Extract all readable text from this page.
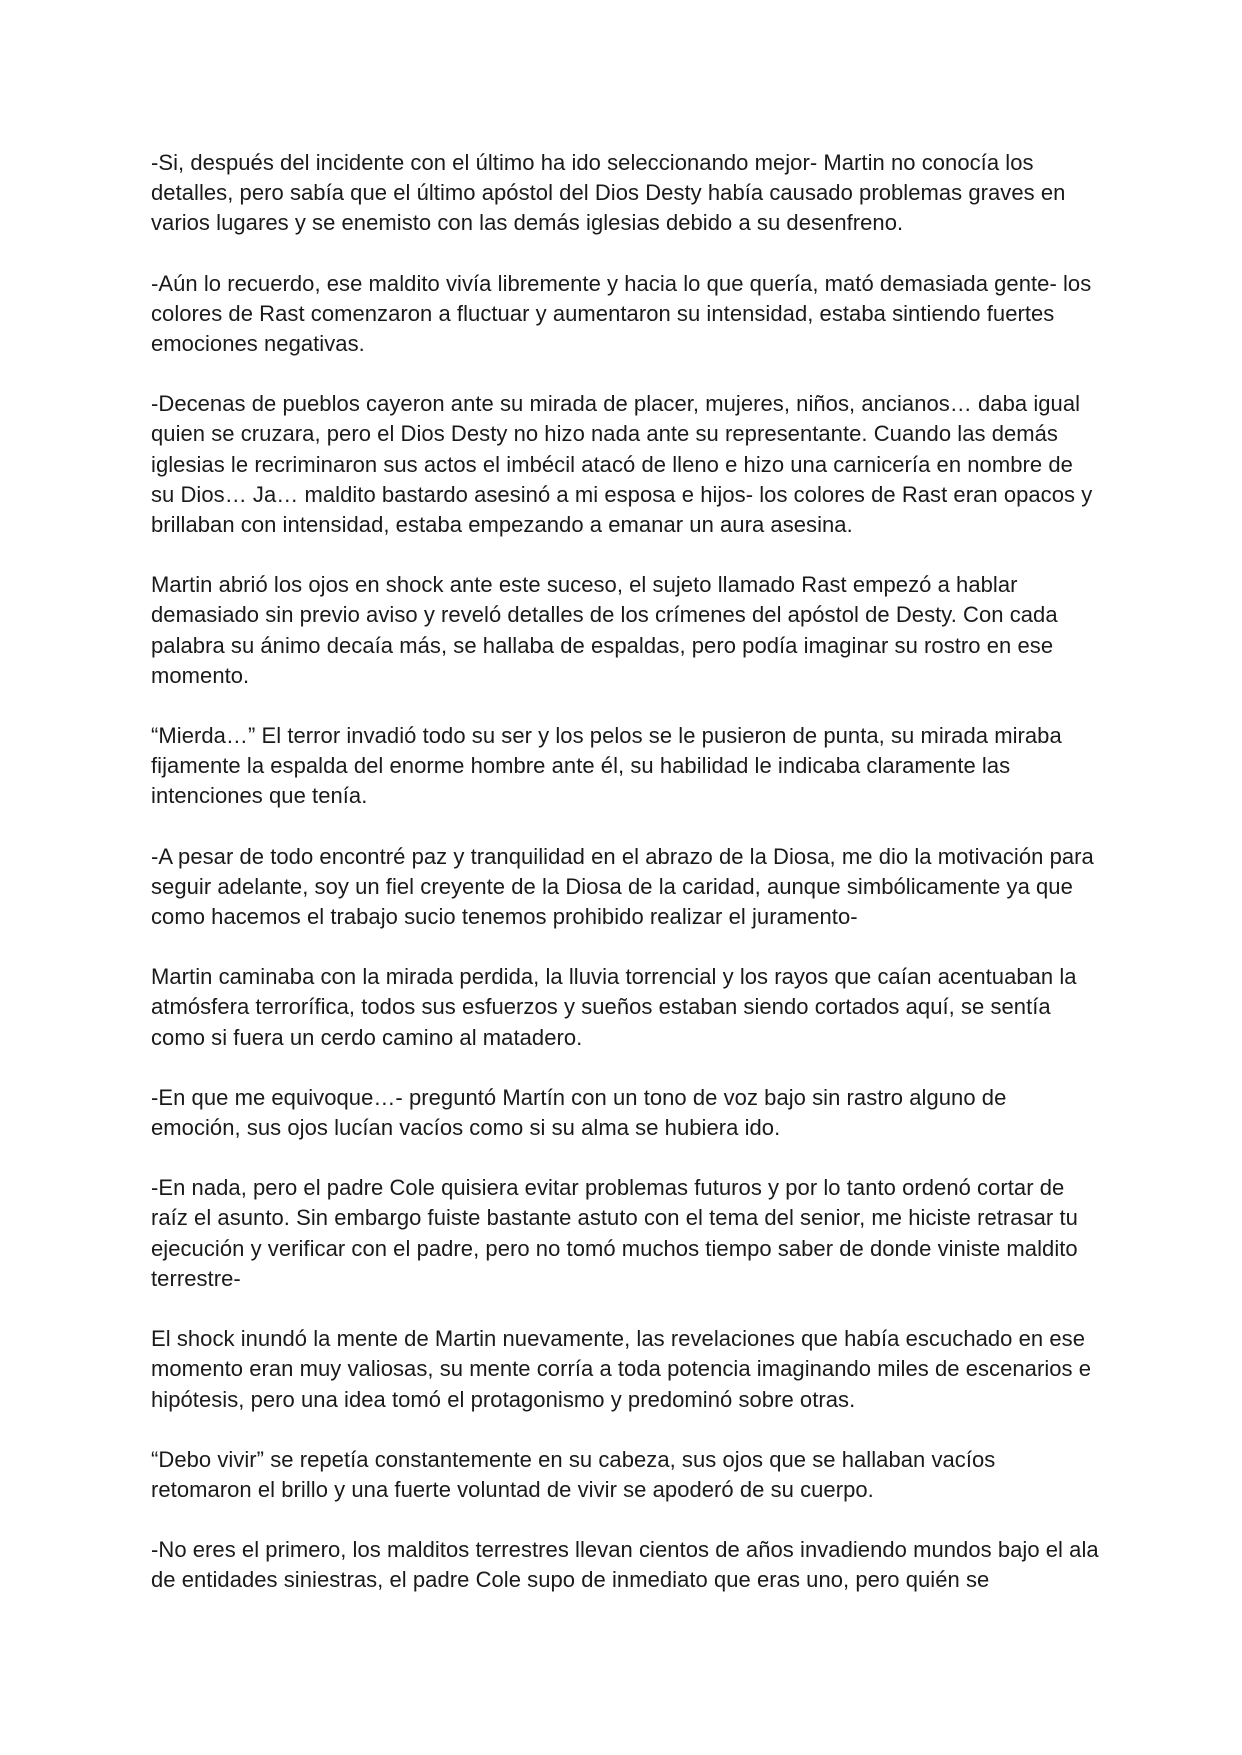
-Si, después del incidente con el último ha ido seleccionando mejor- Martin no conocía los detalles, pero sabía que el último apóstol del Dios Desty había causado problemas graves en varios lugares y se enemisto con las demás iglesias debido a su desenfreno.

-Aún lo recuerdo, ese maldito vivía libremente y hacia lo que quería, mató demasiada gente- los colores de Rast comenzaron a fluctuar y aumentaron su intensidad, estaba sintiendo fuertes emociones negativas.

-Decenas de pueblos cayeron ante su mirada de placer, mujeres, niños, ancianos… daba igual quien se cruzara, pero el Dios Desty no hizo nada ante su representante. Cuando las demás iglesias le recriminaron sus actos el imbécil atacó de lleno e hizo una carnicería en nombre de su Dios… Ja… maldito bastardo asesinó a mi esposa e hijos- los colores de Rast eran opacos y brillaban con intensidad, estaba empezando a emanar un aura asesina.

Martin abrió los ojos en shock ante este suceso, el sujeto llamado Rast empezó a hablar demasiado sin previo aviso y reveló detalles de los crímenes del apóstol de Desty. Con cada palabra su ánimo decaía más, se hallaba de espaldas, pero podía imaginar su rostro en ese momento.

“Mierda…” El terror invadió todo su ser y los pelos se le pusieron de punta, su mirada miraba fijamente la espalda del enorme hombre ante él, su habilidad le indicaba claramente las intenciones que tenía.

-A pesar de todo encontré paz y tranquilidad en el abrazo de la Diosa, me dio la motivación para seguir adelante, soy un fiel creyente de la Diosa de la caridad, aunque simbólicamente ya que como hacemos el trabajo sucio tenemos prohibido realizar el juramento-

Martin caminaba con la mirada perdida, la lluvia torrencial y los rayos que caían acentuaban la atmósfera terrorífica, todos sus esfuerzos y sueños estaban siendo cortados aquí, se sentía como si fuera un cerdo camino al matadero.

-En que me equivoque…- preguntó Martín con un tono de voz bajo sin rastro alguno de emoción, sus ojos lucían vacíos como si su alma se hubiera ido.

-En nada, pero el padre Cole quisiera evitar problemas futuros y por lo tanto ordenó cortar de raíz el asunto. Sin embargo fuiste bastante astuto con el tema del senior, me hiciste retrasar tu ejecución y verificar con el padre, pero no tomó muchos tiempo saber de donde viniste maldito terrestre-

El shock inundó la mente de Martin nuevamente, las revelaciones que había escuchado en ese momento eran muy valiosas, su mente corría a toda potencia imaginando miles de escenarios e hipótesis, pero una idea tomó el protagonismo y predominó sobre otras.

“Debo vivir” se repetía constantemente en su cabeza, sus ojos que se hallaban vacíos retomaron el brillo y una fuerte voluntad de vivir se apoderó de su cuerpo.

-No eres el primero, los malditos terrestres llevan cientos de años invadiendo mundos bajo el ala de entidades siniestras, el padre Cole supo de inmediato que eras uno, pero quién se
